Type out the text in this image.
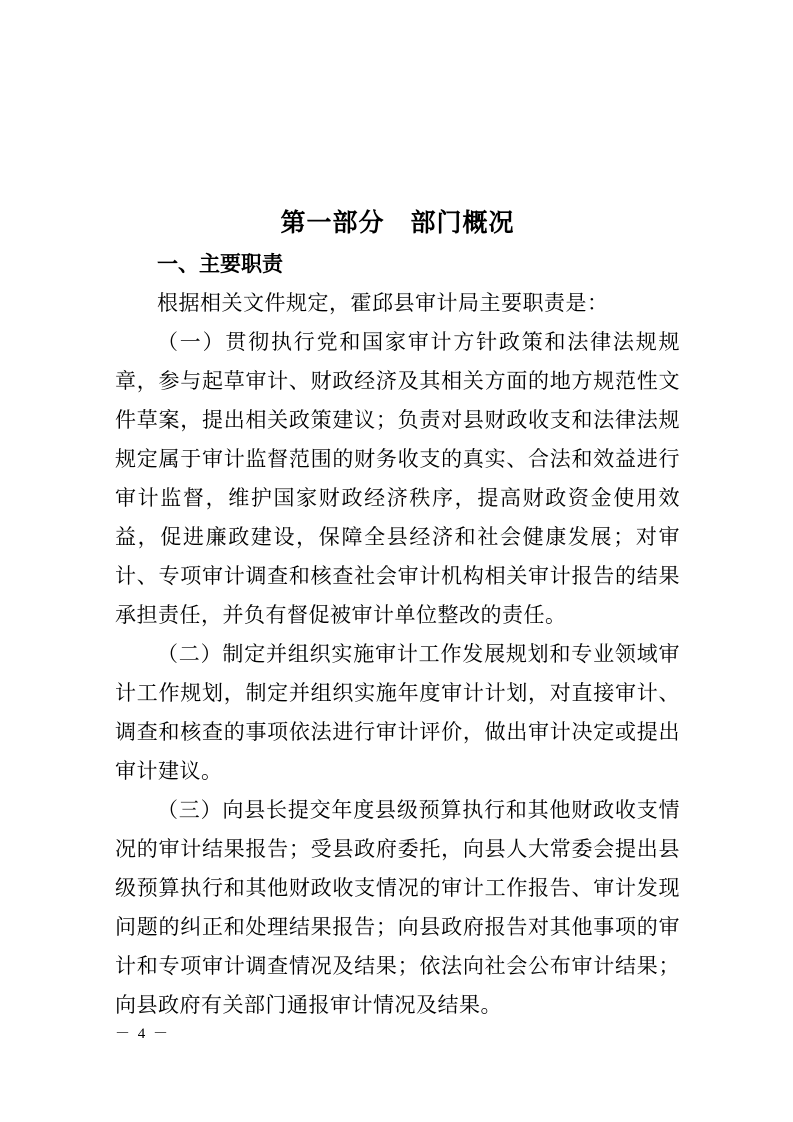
第一部分　部门概况
一、主要职责

根据相关文件规定，霍邱县审计局主要职责是：

（一）贯彻执行党和国家审计方针政策和法律法规规章，参与起草审计、财政经济及其相关方面的地方规范性文件草案，提出相关政策建议；负责对县财政收支和法律法规规定属于审计监督范围的财务收支的真实、合法和效益进行审计监督，维护国家财政经济秩序，提高财政资金使用效益，促进廉政建设，保障全县经济和社会健康发展；对审计、专项审计调查和核查社会审计机构相关审计报告的结果承担责任，并负有督促被审计单位整改的责任。

（二）制定并组织实施审计工作发展规划和专业领域审计工作规划，制定并组织实施年度审计计划，对直接审计、调查和核查的事项依法进行审计评价，做出审计决定或提出审计建议。

（三）向县长提交年度县级预算执行和其他财政收支情况的审计结果报告；受县政府委托，向县人大常委会提出县级预算执行和其他财政收支情况的审计工作报告、审计发现问题的纠正和处理结果报告；向县政府报告对其他事项的审计和专项审计调查情况及结果；依法向社会公布审计结果；向县政府有关部门通报审计情况及结果。

－ 4 －
